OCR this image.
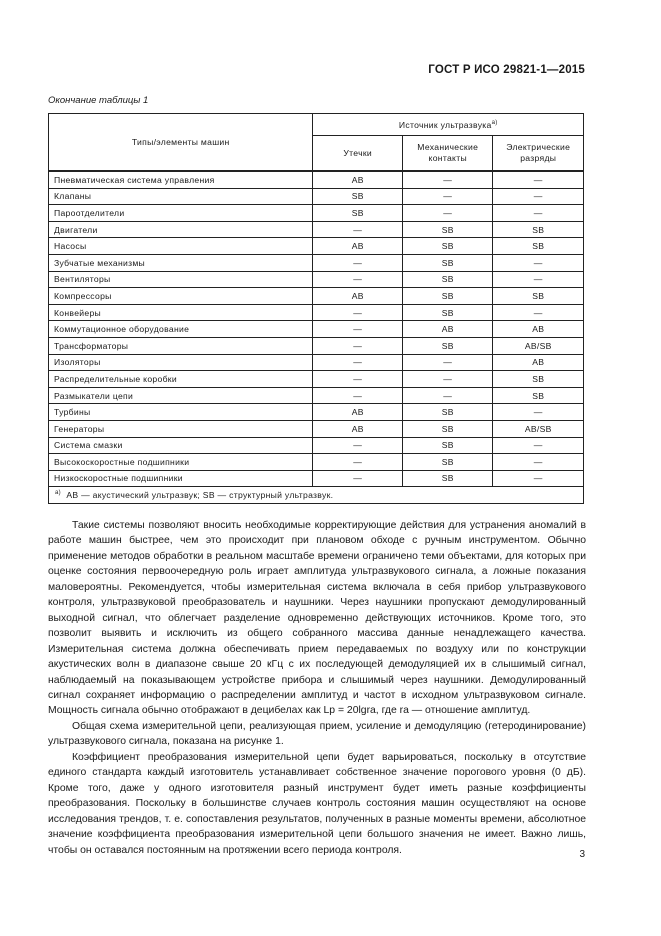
ГОСТ Р ИСО 29821-1—2015
Окончание таблицы 1
Типы/элементы машин	Источник ультразвука$^{а)}$
	Утечки	Механические контакты	Электрические разряды
Пневматическая система управления	AB	—	—
Клапаны	SB	—	—
Пароотделители	SB	—	—
Двигатели	—	SB	SB
Насосы	AB	SB	SB
Зубчатые механизмы	—	SB	—
Вентиляторы	—	SB	—
Компрессоры	AB	SB	SB
Конвейеры	—	SB	—
Коммутационное оборудование	—	AB	AB
Трансформаторы	—	SB	AB/SB
Изоляторы	—	—	AB
Распределительные коробки	—	—	SB
Размыкатели цепи	—	—	SB
Турбины	AB	SB	—
Генераторы	AB	SB	AB/SB
Система смазки	—	SB	—
Высокоскоростные подшипники	—	SB	—
Низкоскоростные подшипники	—	SB	—
$^{а)}$ АВ — акустический ультразвук; SB — структурный ультразвук.			

Такие системы позволяют вносить необходимые корректирующие действия для устранения аномалий в работе машин быстрее, чем это происходит при плановом обходе с ручным инструментом. Обычно применение методов обработки в реальном масштабе времени ограничено теми объектами, для которых при оценке состояния первоочередную роль играет амплитуда ультразвукового сигнала, а ложные показания маловероятны. Рекомендуется, чтобы измерительная система включала в себя прибор ультразвукового контроля, ультразвуковой преобразователь и наушники. Через наушники пропускают демодулированный выходной сигнал, что облегчает разделение одновременно действующих источников. Кроме того, это позволит выявить и исключить из общего собранного массива данные ненадлежащего качества. Измерительная система должна обеспечивать прием передаваемых по воздуху или по конструкции акустических волн в диапазоне свыше 20 кГц с их последующей демодуляцией их в слышимый сигнал, наблюдаемый на показывающем устройстве прибора и слышимый через наушники. Демодулированный сигнал сохраняет информацию о распределении амплитуд и частот в исходном ультразвуковом сигнале. Мощность сигнала обычно отображают в децибелах как Lp = 20lgra, где ra — отношение амплитуд.

Общая схема измерительной цепи, реализующая прием, усиление и демодуляцию (гетеродинирование) ультразвукового сигнала, показана на рисунке 1.

Коэффициент преобразования измерительной цепи будет варьироваться, поскольку в отсутствие единого стандарта каждый изготовитель устанавливает собственное значение порогового уровня (0 дБ). Кроме того, даже у одного изготовителя разный инструмент будет иметь разные коэффициенты преобразования. Поскольку в большинстве случаев контроль состояния машин осуществляют на основе исследования трендов, т. е. сопоставления результатов, полученных в разные моменты времени, абсолютное значение коэффициента преобразования измерительной цепи большого значения не имеет. Важно лишь, чтобы он оставался постоянным на протяжении всего периода контроля.	3
